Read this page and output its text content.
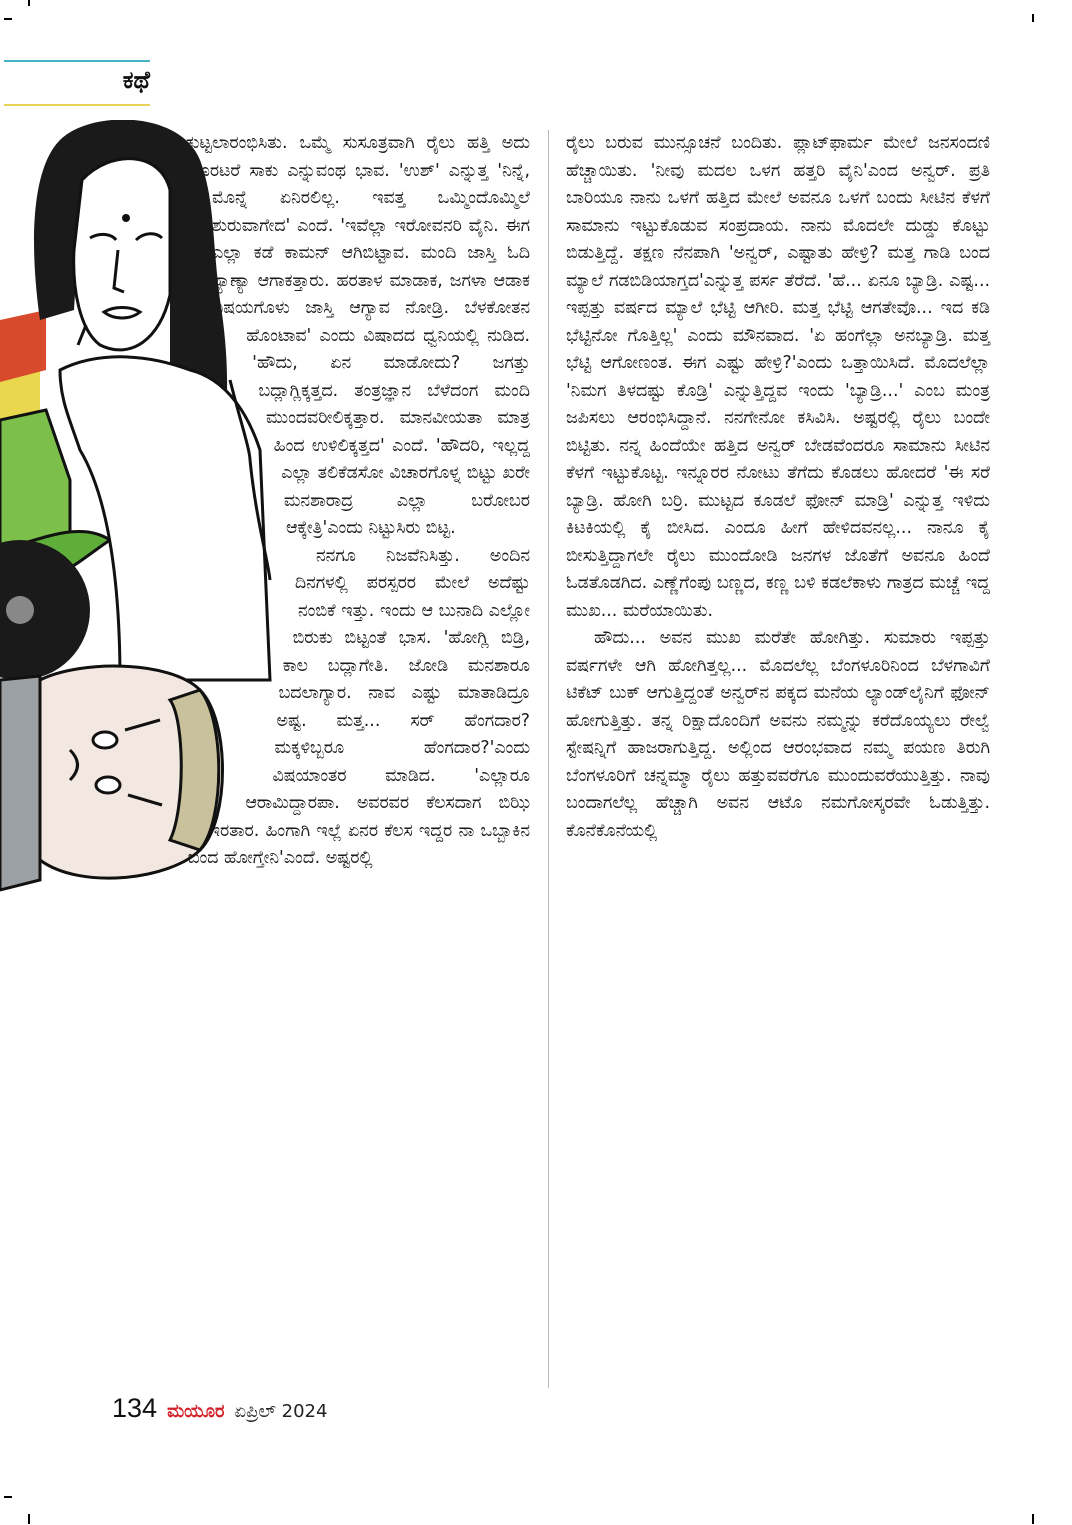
ಕಥೆ

ಕುಟ್ಟಲಾರಂಭಿಸಿತು. ಒಮ್ಮೆ ಸುಸೂತ್ರವಾಗಿ ರೈಲು ಹತ್ತಿ ಅದು ಹೊರಟರೆ ಸಾಕು ಎನ್ನುವಂಥ ಭಾವ. 'ಉಶ್' ಎನ್ನುತ್ತ 'ನಿನ್ನೆ, ಮೊನ್ನೆ ಏನಿರಲಿಲ್ಲ. ಇವತ್ತ ಒಮ್ಮಿಂದೊಮ್ಮಿಲೆ ಶುರುವಾಗೇದ' ಎಂದೆ. 'ಇವೆಲ್ಲಾ ಇರೋವನರಿ ವೈನಿ. ಈಗ ಎಲ್ಲಾ ಕಡೆ ಕಾಮನ್ ಆಗಿಬಿಟ್ಟಾವ. ಮಂದಿ ಜಾಸ್ತಿ ಓದಿ ಶ್ಯಾಣ್ಯಾ ಆಗಾಕತ್ತಾರು. ಹರತಾಳ ಮಾಡಾಕ, ಜಗಳಾ ಆಡಾಕ ವಿಷಯಗೊಳು ಜಾಸ್ತಿ ಆಗ್ಯಾವ ನೋಡ್ರಿ. ಬೆಳಕೋತನ ಹೊಂಟಾವ' ಎಂದು ವಿಷಾದದ ಧ್ವನಿಯಲ್ಲಿ ನುಡಿದ. 'ಹೌದು, ಏನ ಮಾಡೋದು? ಜಗತ್ತು ಬದ್ಲಾಗ್ಲಿಕ್ಕತ್ತದ. ತಂತ್ರಜ್ಞಾನ ಬೆಳೆದಂಗ ಮಂದಿ ಮುಂದವರೀಲಿಕ್ಕತ್ತಾರ. ಮಾನವೀಯತಾ ಮಾತ್ರ ಹಿಂದ ಉಳಿಲಿಕ್ಕತ್ತದ' ಎಂದೆ. 'ಹೌದರಿ, ಇಲ್ಲದ್ದ ಎಲ್ಲಾ ತಲಿಕೆಡಸೋ ವಿಚಾರಗೊಳ್ನ ಬಿಟ್ಟು ಖರೇ ಮನಶಾರಾದ್ರ ಎಲ್ಲಾ ಬರೋಬರ ಆಕ್ಕೇತ್ರಿ'ಎಂದು ನಿಟ್ಟುಸಿರು ಬಿಟ್ಟ.

ನನಗೂ ನಿಜವೆನಿಸಿತ್ತು. ಅಂದಿನ ದಿನಗಳಲ್ಲಿ ಪರಸ್ಪರರ ಮೇಲೆ ಅದೆಷ್ಟು ನಂಬಿಕೆ ಇತ್ತು. ಇಂದು ಆ ಬುನಾದಿ ಎಲ್ಲೋ ಬಿರುಕು ಬಿಟ್ಟಂತೆ ಭಾಸ. 'ಹೋಗ್ಲಿ ಬಿಡ್ರಿ, ಕಾಲ ಬದ್ಲಾಗೇತಿ. ಜೋಡಿ ಮನಶಾರೂ ಬದಲಾಗ್ಯಾರ. ನಾವ ಎಷ್ಟು ಮಾತಾಡಿದ್ರೂ ಅಷ್ಟ. ಮತ್ತ... ಸರ್ ಹೆಂಗದಾರ? ಮಕ್ಕಳಿಬ್ಬರೂ ಹೆಂಗದಾರ?'ಎಂದು ವಿಷಯಾಂತರ ಮಾಡಿದ. 'ಎಲ್ಲಾರೂ ಆರಾಮಿದ್ದಾರಪಾ. ಅವರವರ ಕೆಲಸದಾಗ ಬಿಝಿ ಇರತಾರ. ಹಿಂಗಾಗಿ ಇಲ್ಲೆ ಏನರ ಕೆಲಸ ಇದ್ದರ ನಾ ಒಬ್ಬಾಕಿನ ಬಂದ ಹೋಗ್ತೇನಿ'ಎಂದೆ. ಅಷ್ಟರಲ್ಲಿ

ರೈಲು ಬರುವ ಮುನ್ಸೂಚನೆ ಬಂದಿತು. ಪ್ಲಾಟ್‌ಫಾರ್ಮ ಮೇಲೆ ಜನಸಂದಣಿ ಹೆಚ್ಚಾಯಿತು. 'ನೀವು ಮದಲ ಒಳಗ ಹತ್ತರಿ ವೈನಿ'ಎಂದ ಅನ್ವರ್. ಪ್ರತಿ ಬಾರಿಯೂ ನಾನು ಒಳಗೆ ಹತ್ತಿದ ಮೇಲೆ ಅವನೂ ಒಳಗೆ ಬಂದು ಸೀಟಿನ ಕೆಳಗೆ ಸಾಮಾನು ಇಟ್ಟುಕೊಡುವ ಸಂಪ್ರದಾಯ. ನಾನು ಮೊದಲೇ ದುಡ್ಡು ಕೊಟ್ಟು ಬಿಡುತ್ತಿದ್ದೆ. ತಕ್ಷಣ ನೆನಪಾಗಿ 'ಅನ್ವರ್, ಎಷ್ಟಾತು ಹೇಳ್ರಿ? ಮತ್ತ ಗಾಡಿ ಬಂದ ಮ್ಯಾಲೆ ಗಡಬಿಡಿಯಾಗ್ತದ'ಎನ್ನುತ್ತ ಪರ್ಸ ತೆರೆದೆ. 'ಹೆ... ಏನೂ ಬ್ಯಾಡ್ರಿ. ಎಷ್ಟ... ಇಪ್ಪತ್ತು ವರ್ಷದ ಮ್ಯಾಲೆ ಭೆಟ್ಟಿ ಆಗೀರಿ. ಮತ್ತ ಭೆಟ್ಟಿ ಆಗತೇವೊ... ಇದ ಕಡಿ ಭೆಟ್ಟಿನೋ ಗೊತ್ತಿಲ್ಲ' ಎಂದು ಮೌನವಾದ. 'ಏ ಹಂಗೆಲ್ಲಾ ಅನಬ್ಯಾಡ್ರಿ. ಮತ್ತ ಭೆಟ್ಟಿ ಆಗೋಣಂತ. ಈಗ ಎಷ್ಟು ಹೇಳ್ರಿ?'ಎಂದು ಒತ್ತಾಯಿಸಿದೆ. ಮೊದಲೆಲ್ಲಾ 'ನಿಮಗ ತಿಳದಷ್ಟು ಕೊಡ್ರಿ' ಎನ್ನುತ್ತಿದ್ದವ ಇಂದು 'ಬ್ಯಾಡ್ರಿ...' ಎಂಬ ಮಂತ್ರ ಜಪಿಸಲು ಆರಂಭಿಸಿದ್ದಾನೆ. ನನಗೇನೋ ಕಸಿವಿಸಿ. ಅಷ್ಟರಲ್ಲಿ ರೈಲು ಬಂದೇ ಬಿಟ್ಟಿತು. ನನ್ನ ಹಿಂದೆಯೇ ಹತ್ತಿದ ಅನ್ವರ್ ಬೇಡವೆಂದರೂ ಸಾಮಾನು ಸೀಟಿನ ಕೆಳಗೆ ಇಟ್ಟುಕೊಟ್ಟ. ಇನ್ನೂರರ ನೋಟು ತೆಗೆದು ಕೊಡಲು ಹೋದರೆ 'ಈ ಸರೆ ಬ್ಯಾಡ್ರಿ. ಹೋಗಿ ಬರ್ರಿ. ಮುಟ್ಟದ ಕೂಡಲೆ ಫೋನ್ ಮಾಡ್ರಿ' ಎನ್ನುತ್ತ ಇಳಿದು ಕಿಟಕಿಯಲ್ಲಿ ಕೈ ಬೀಸಿದ. ಎಂದೂ ಹೀಗೆ ಹೇಳಿದವನಲ್ಲ... ನಾನೂ ಕೈ ಬೀಸುತ್ತಿದ್ದಾಗಲೇ ರೈಲು ಮುಂದೋಡಿ ಜನಗಳ ಜೊತೆಗೆ ಅವನೂ ಹಿಂದೆ ಓಡತೊಡಗಿದ. ಎಣ್ಣೆಗೆಂಪು ಬಣ್ಣದ, ಕಣ್ಣ ಬಳಿ ಕಡಲೆಕಾಳು ಗಾತ್ರದ ಮಚ್ಚೆ ಇದ್ದ ಮುಖ... ಮರೆಯಾಯಿತು.

ಹೌದು... ಅವನ ಮುಖ ಮರೆತೇ ಹೋಗಿತ್ತು. ಸುಮಾರು ಇಪ್ಪತ್ತು ವರ್ಷಗಳೇ ಆಗಿ ಹೋಗಿತ್ತಲ್ಲ... ಮೊದಲೆಲ್ಲ ಬೆಂಗಳೂರಿನಿಂದ ಬೆಳಗಾವಿಗೆ ಟಿಕೆಟ್ ಬುಕ್ ಆಗುತ್ತಿದ್ದಂತೆ ಅನ್ವರ್‌ನ ಪಕ್ಕದ ಮನೆಯ ಲ್ಯಾಂಡ್‌ಲೈನಿಗೆ ಫೋನ್ ಹೋಗುತ್ತಿತ್ತು. ತನ್ನ ರಿಕ್ಷಾದೊಂದಿಗೆ ಅವನು ನಮ್ಮನ್ನು ಕರೆದೊಯ್ಯಲು ರೇಲ್ವೆ ಸ್ಟೇಷನ್ನಿಗೆ ಹಾಜರಾಗುತ್ತಿದ್ದ. ಅಲ್ಲಿಂದ ಆರಂಭವಾದ ನಮ್ಮ ಪಯಣ ತಿರುಗಿ ಬೆಂಗಳೂರಿಗೆ ಚನ್ನಮ್ಮಾ ರೈಲು ಹತ್ತುವವರೆಗೂ ಮುಂದುವರೆಯುತ್ತಿತ್ತು. ನಾವು ಬಂದಾಗಲೆಲ್ಲ ಹೆಚ್ಚಾಗಿ ಅವನ ಆಟೊ ನಮಗೋಸ್ಕರವೇ ಓಡುತ್ತಿತ್ತು. ಕೊನೆಕೊನೆಯಲ್ಲಿ

134 ಮಯೂರ ಏಪ್ರಿಲ್ 2024
